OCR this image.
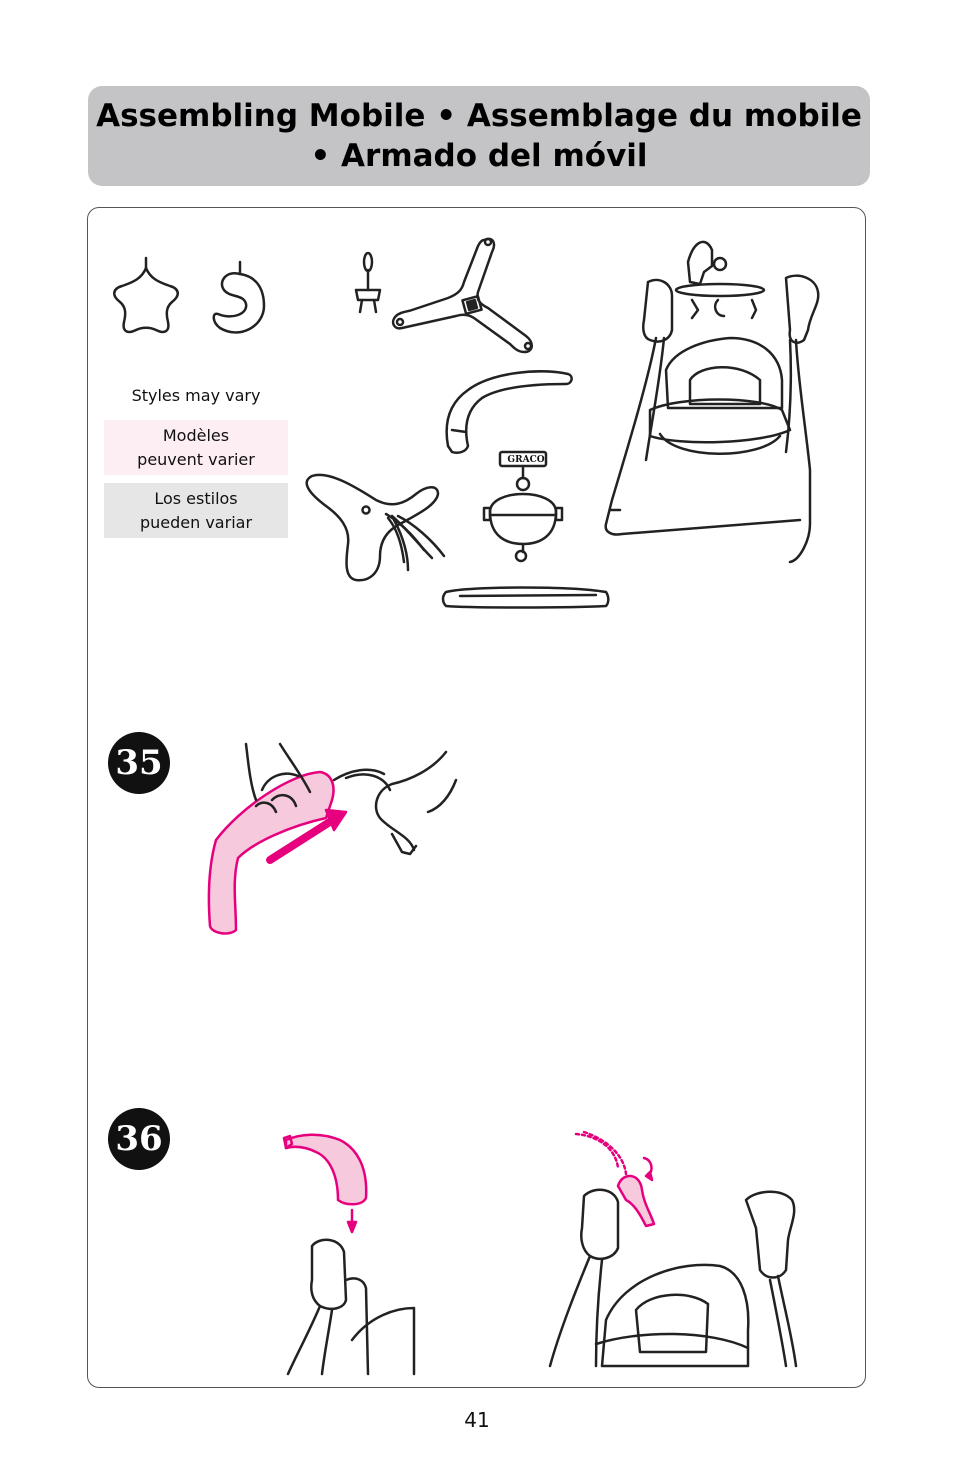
Assembling Mobile • Assemblage du mobile
• Armado del móvil
GRACO
Styles may vary
Modèles
peuvent varier
Los estilos
pueden variar
35
36
41
